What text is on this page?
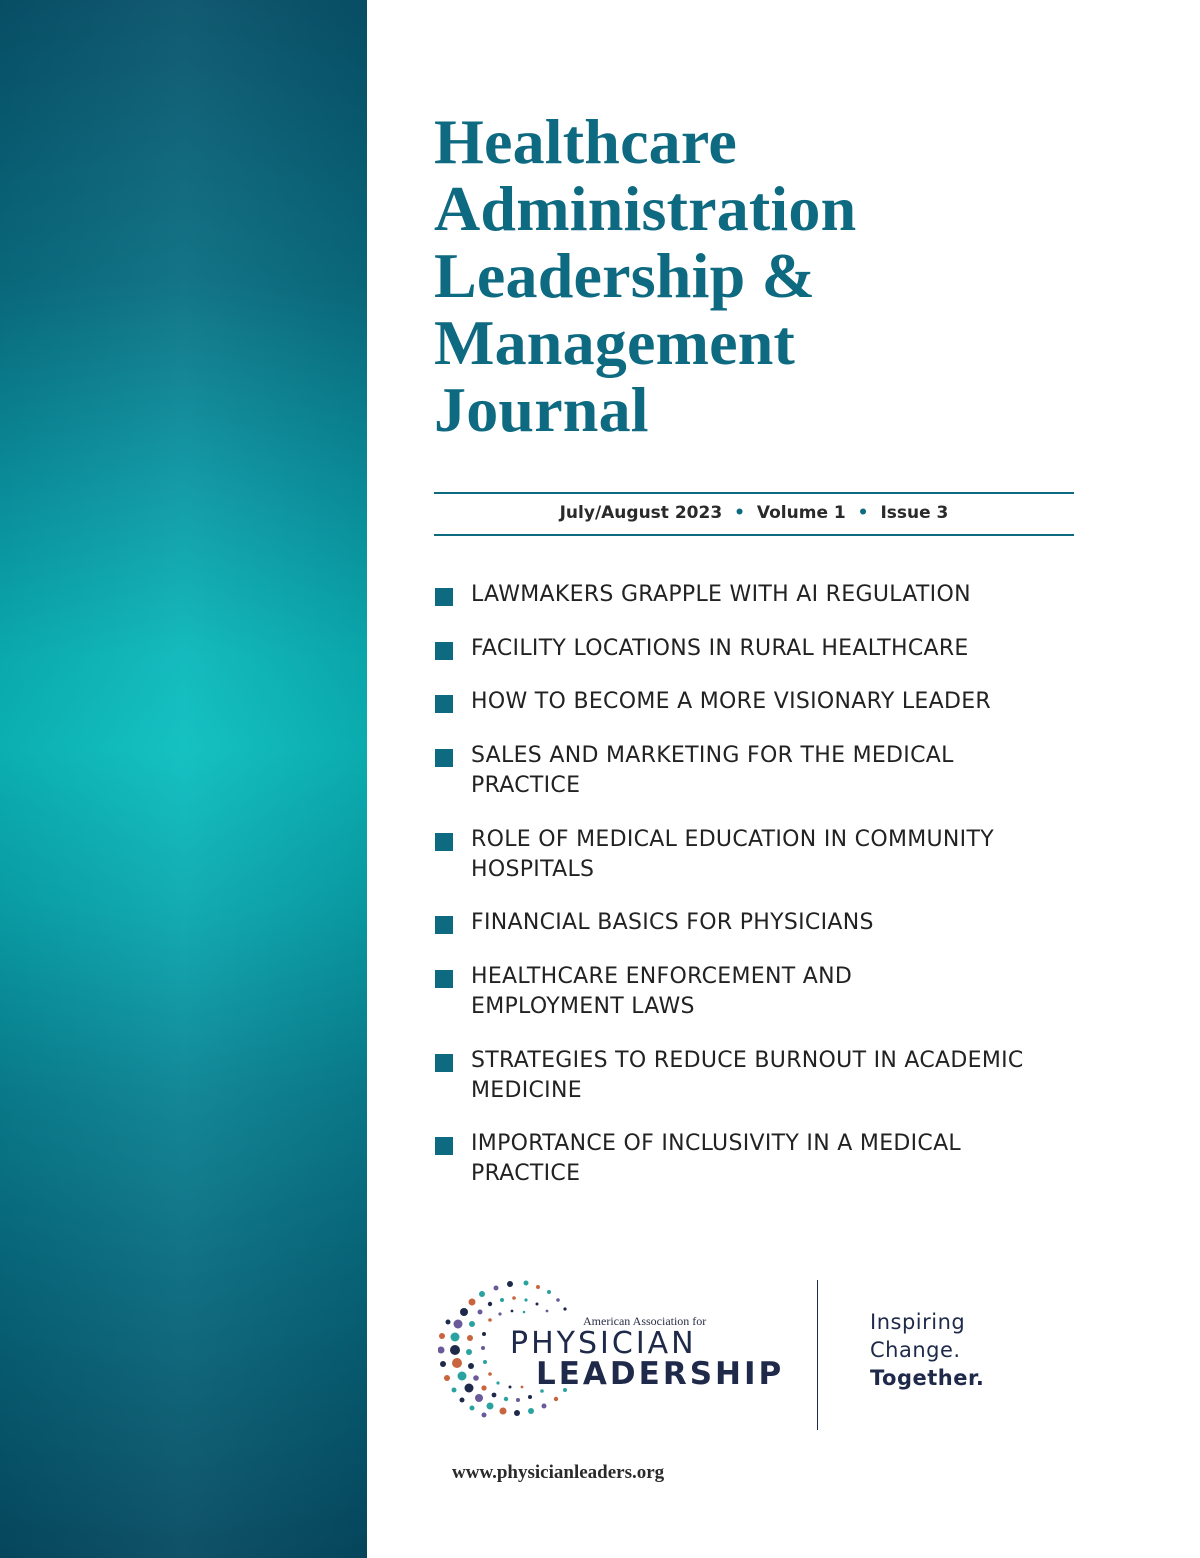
Healthcare
Administration
Leadership &
Management
Journal
July/August 2023 • Volume 1 • Issue 3
LAWMAKERS GRAPPLE WITH AI REGULATION
FACILITY LOCATIONS IN RURAL HEALTHCARE
HOW TO BECOME A MORE VISIONARY LEADER
SALES AND MARKETING FOR THE MEDICAL PRACTICE
ROLE OF MEDICAL EDUCATION IN COMMUNITY HOSPITALS
FINANCIAL BASICS FOR PHYSICIANS
HEALTHCARE ENFORCEMENT AND EMPLOYMENT LAWS
STRATEGIES TO REDUCE BURNOUT IN ACADEMIC MEDICINE
IMPORTANCE OF INCLUSIVITY IN A MEDICAL PRACTICE
American Association for
PHYSICIAN
LEADERSHIP
Inspiring
Change.
Together.
www.physicianleaders.org
